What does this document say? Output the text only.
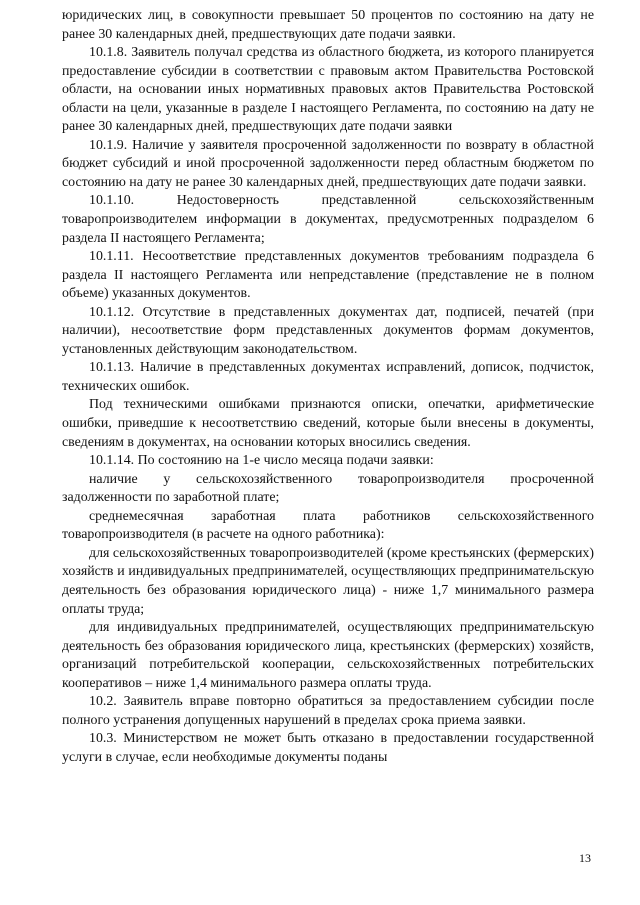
юридических лиц, в совокупности превышает 50 процентов по состоянию на дату не ранее 30 календарных дней, предшествующих дате подачи заявки.

10.1.8. Заявитель получал средства из областного бюджета, из которого планируется предоставление субсидии в соответствии с правовым актом Правительства Ростовской области, на основании иных нормативных правовых актов Правительства Ростовской области на цели, указанные в разделе I настоящего Регламента, по состоянию на дату не ранее 30 календарных дней, предшествующих дате подачи заявки

10.1.9. Наличие у заявителя просроченной задолженности по возврату в областной бюджет субсидий и иной просроченной задолженности перед областным бюджетом по состоянию на дату не ранее 30 календарных дней, предшествующих дате подачи заявки.

10.1.10. Недостоверность представленной сельскохозяйственным товаропроизводителем информации в документах, предусмотренных подразделом 6 раздела II настоящего Регламента;

10.1.11. Несоответствие представленных документов требованиям подраздела 6 раздела II настоящего Регламента или непредставление (представление не в полном объеме) указанных документов.

10.1.12. Отсутствие в представленных документах дат, подписей, печатей (при наличии), несоответствие форм представленных документов формам документов, установленных действующим законодательством.

10.1.13. Наличие в представленных документах исправлений, дописок, подчисток, технических ошибок.

Под техническими ошибками признаются описки, опечатки, арифметические ошибки, приведшие к несоответствию сведений, которые были внесены в документы, сведениям в документах, на основании которых вносились сведения.

10.1.14. По состоянию на 1-е число месяца подачи заявки:

наличие у сельскохозяйственного товаропроизводителя просроченной задолженности по заработной плате;

среднемесячная заработная плата работников сельскохозяйственного товаропроизводителя (в расчете на одного работника):

для сельскохозяйственных товаропроизводителей (кроме крестьянских (фермерских) хозяйств и индивидуальных предпринимателей, осуществляющих предпринимательскую деятельность без образования юридического лица) - ниже 1,7 минимального размера оплаты труда;

для индивидуальных предпринимателей, осуществляющих предпринимательскую деятельность без образования юридического лица, крестьянских (фермерских) хозяйств, организаций потребительской кооперации, сельскохозяйственных потребительских кооперативов – ниже 1,4 минимального размера оплаты труда.

10.2. Заявитель вправе повторно обратиться за предоставлением субсидии после полного устранения допущенных нарушений в пределах срока приема заявки.

10.3. Министерством не может быть отказано в предоставлении государственной услуги в случае, если необходимые документы поданы

13
